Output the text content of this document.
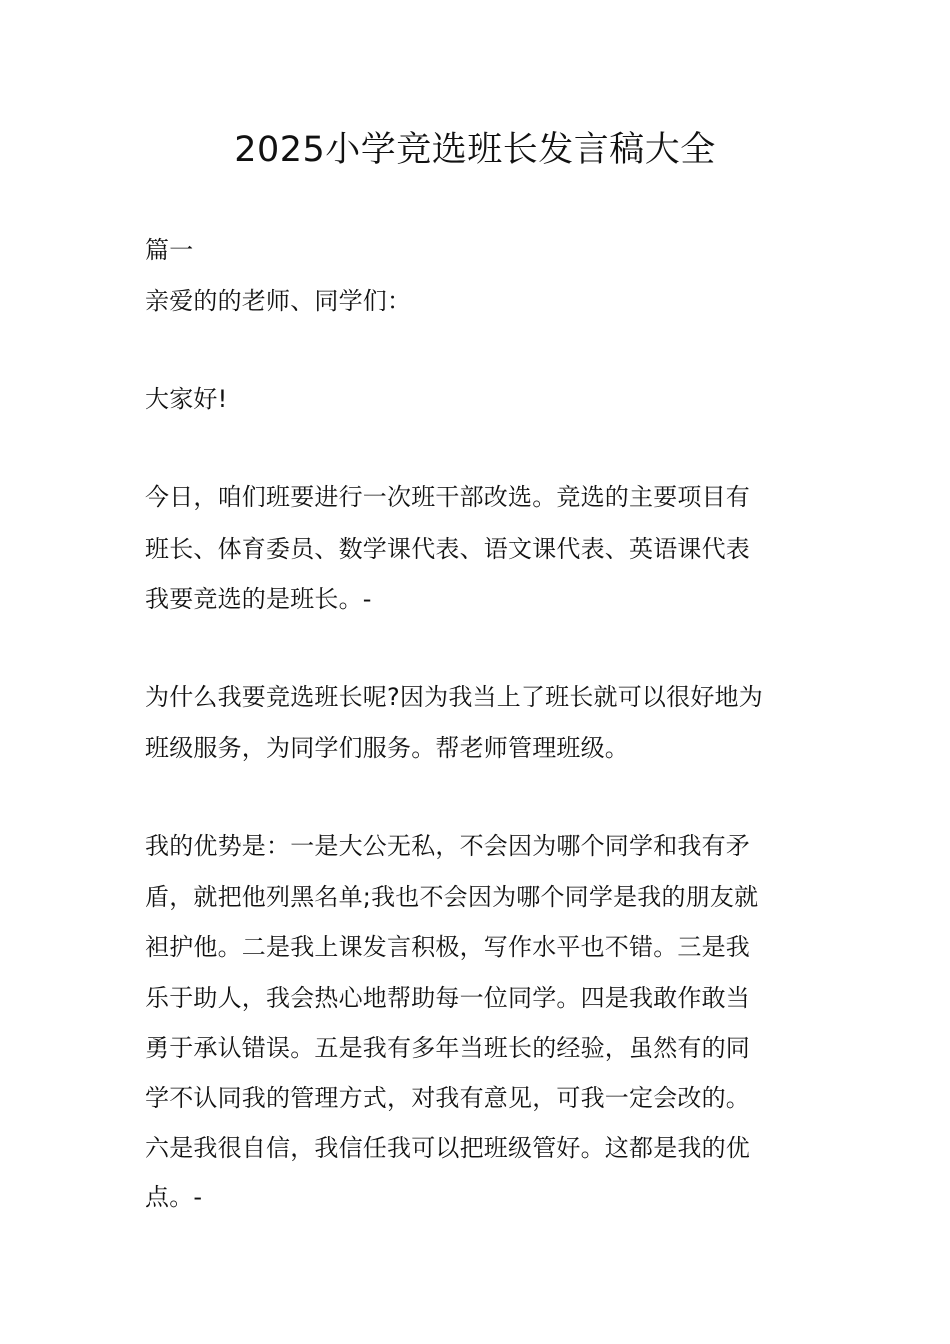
2025小学竞选班长发言稿大全
篇一
亲爱的的老师、同学们：
大家好!
今日，咱们班要进行一次班干部改选。竞选的主要项目有
班长、体育委员、数学课代表、语文课代表、英语课代表
我要竞选的是班长。-
为什么我要竞选班长呢?因为我当上了班长就可以很好地为
班级服务，为同学们服务。帮老师管理班级。
我的优势是：一是大公无私，不会因为哪个同学和我有矛
盾，就把他列黑名单;我也不会因为哪个同学是我的朋友就
袒护他。二是我上课发言积极，写作水平也不错。三是我
乐于助人，我会热心地帮助每一位同学。四是我敢作敢当
勇于承认错误。五是我有多年当班长的经验，虽然有的同
学不认同我的管理方式，对我有意见，可我一定会改的。
六是我很自信，我信任我可以把班级管好。这都是我的优
点。-
